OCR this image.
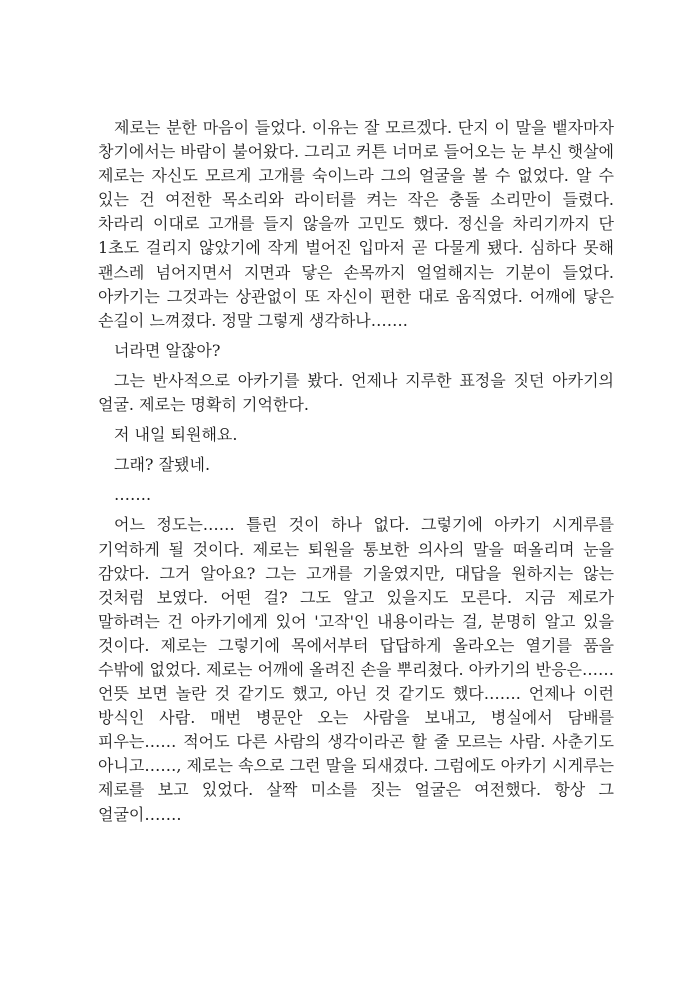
제로는 분한 마음이 들었다. 이유는 잘 모르겠다. 단지 이 말을 뱉자마자 창기에서는 바람이 불어왔다. 그리고 커튼 너머로 들어오는 눈 부신 햇살에 제로는 자신도 모르게 고개를 숙이느라 그의 얼굴을 볼 수 없었다. 알 수 있는 건 여전한 목소리와 라이터를 켜는 작은 충돌 소리만이 들렸다. 차라리 이대로 고개를 들지 않을까 고민도 했다. 정신을 차리기까지 단 1초도 걸리지 않았기에 작게 벌어진 입마저 곧 다물게 됐다. 심하다 못해 괜스레 넘어지면서 지면과 닿은 손목까지 얼얼해지는 기분이 들었다. 아카기는 그것과는 상관없이 또 자신이 편한 대로 움직였다. 어깨에 닿은 손길이 느껴졌다. 정말 그렇게 생각하나…….

너라면 알잖아?

그는 반사적으로 아카기를 봤다. 언제나 지루한 표정을 짓던 아카기의 얼굴. 제로는 명확히 기억한다.

저 내일 퇴원해요.

그래? 잘됐네.

…….

어느 정도는…… 틀린 것이 하나 없다. 그렇기에 아카기 시게루를 기억하게 될 것이다. 제로는 퇴원을 통보한 의사의 말을 떠올리며 눈을 감았다. 그거 알아요? 그는 고개를 기울였지만, 대답을 원하지는 않는 것처럼 보였다. 어떤 걸? 그도 알고 있을지도 모른다. 지금 제로가 말하려는 건 아카기에게 있어 '고작'인 내용이라는 걸, 분명히 알고 있을 것이다. 제로는 그렇기에 목에서부터 답답하게 올라오는 열기를 품을 수밖에 없었다. 제로는 어깨에 올려진 손을 뿌리쳤다. 아카기의 반응은…… 언뜻 보면 놀란 것 같기도 했고, 아닌 것 같기도 했다……. 언제나 이런 방식인 사람. 매번 병문안 오는 사람을 보내고, 병실에서 담배를 피우는…… 적어도 다른 사람의 생각이라곤 할 줄 모르는 사람. 사춘기도 아니고……, 제로는 속으로 그런 말을 되새겼다. 그럼에도 아카기 시게루는 제로를 보고 있었다. 살짝 미소를 짓는 얼굴은 여전했다. 항상 그 얼굴이…….
